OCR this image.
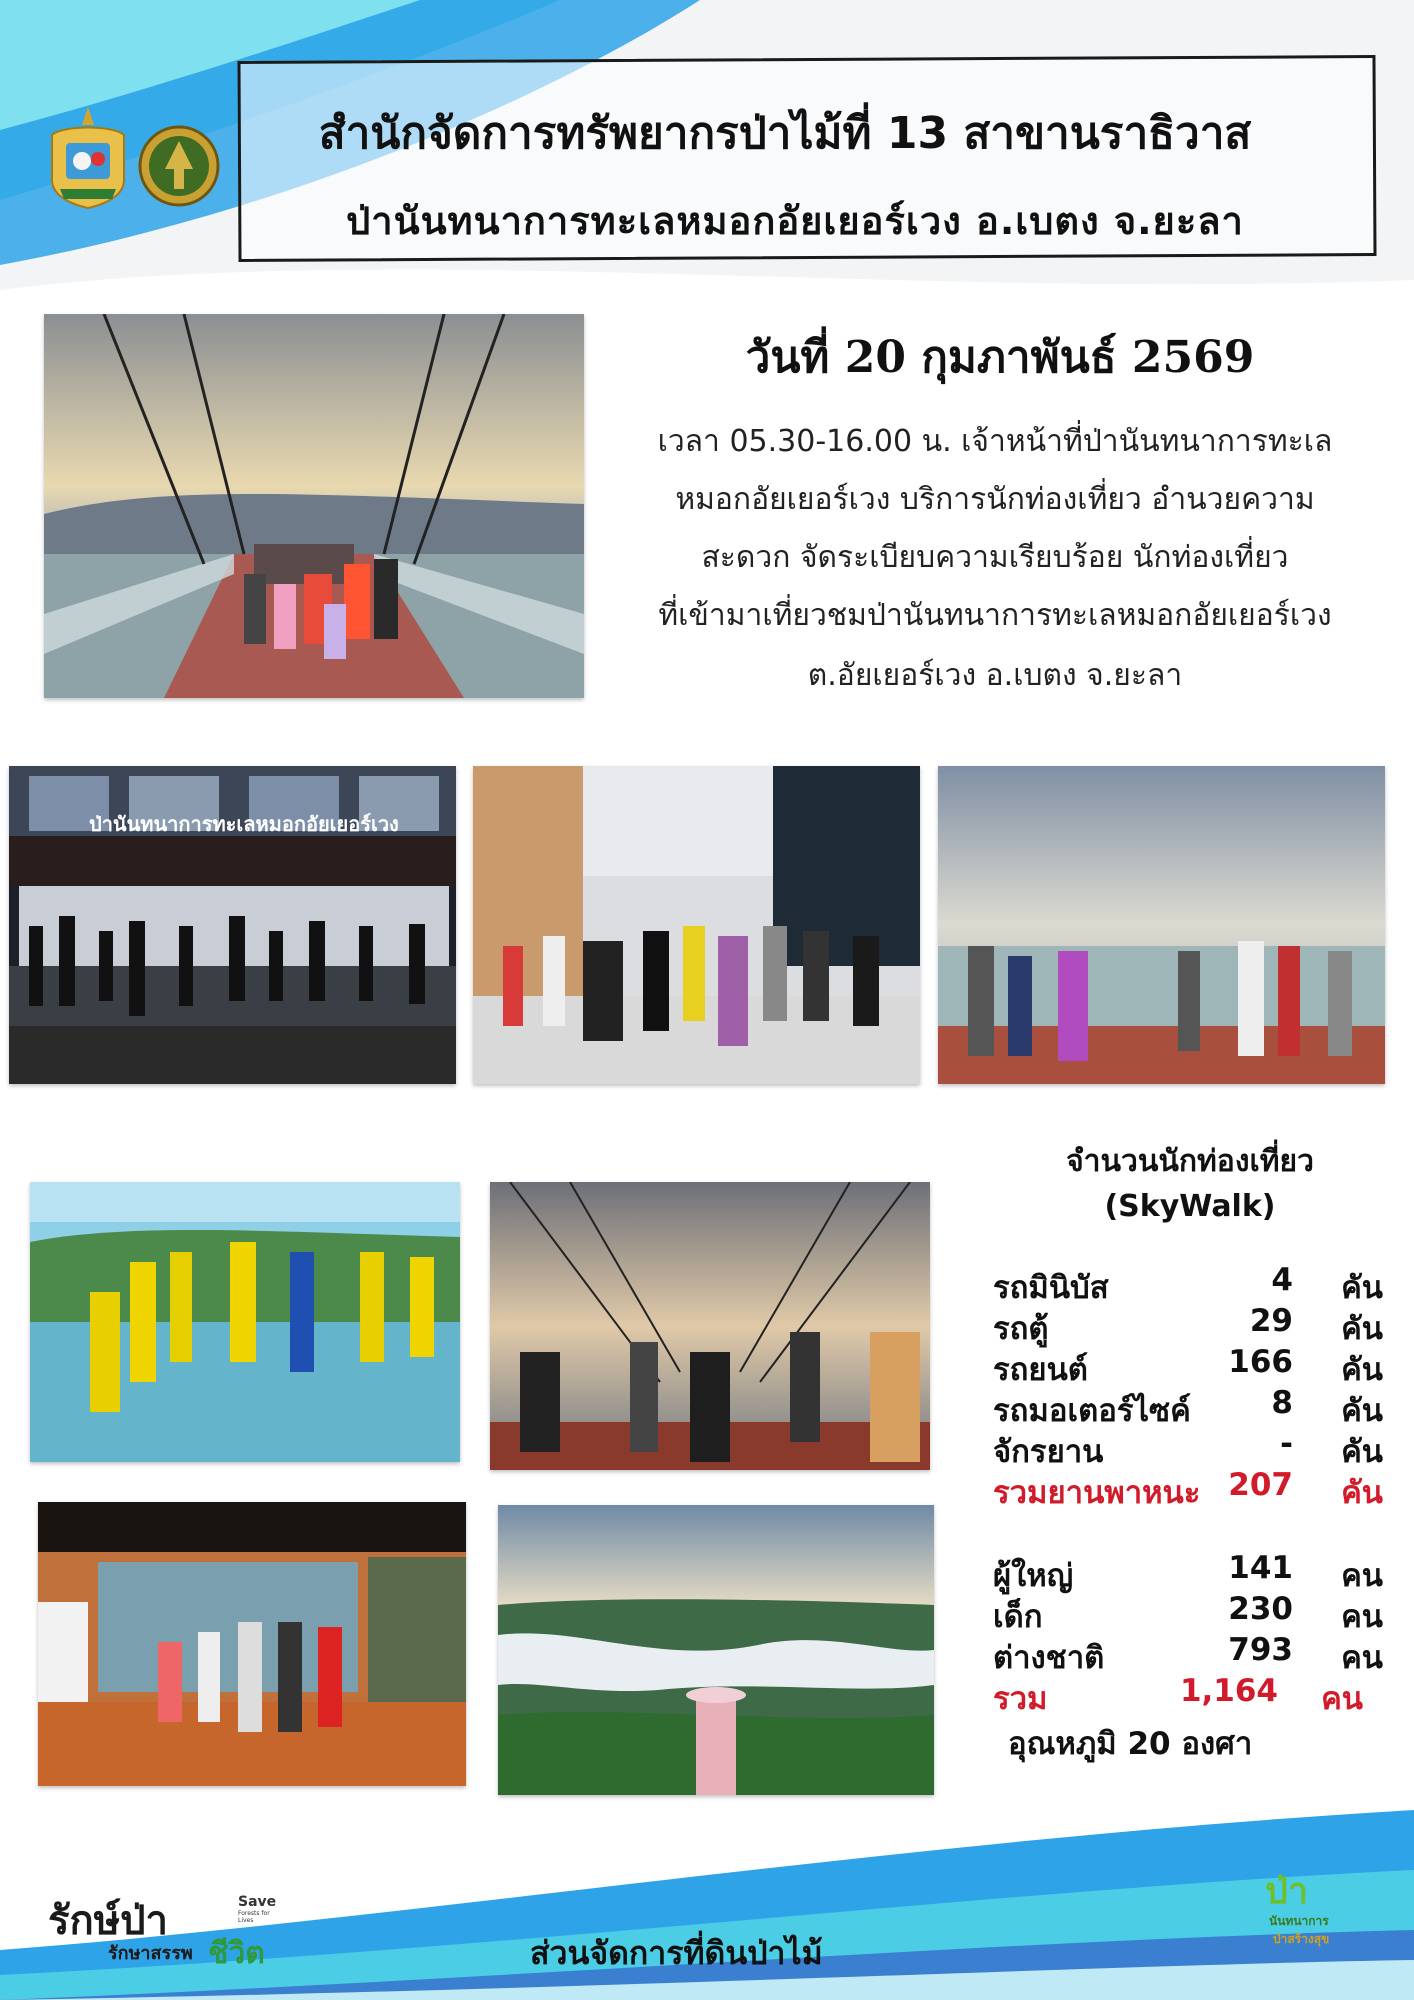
สำนักจัดการทรัพยากรป่าไม้ที่ 13 สาขานราธิวาส
ป่านันทนาการทะเลหมอกอัยเยอร์เวง อ.เบตง จ.ยะลา
วันที่ 20 กุมภาพันธ์ 2569
เวลา 05.30-16.00 น. เจ้าหน้าที่ป่านันทนาการทะเล
หมอกอัยเยอร์เวง บริการนักท่องเที่ยว อำนวยความ
สะดวก จัดระเบียบความเรียบร้อย นักท่องเที่ยว
ที่เข้ามาเที่ยวชมป่านันทนาการทะเลหมอกอัยเยอร์เวง
ต.อัยเยอร์เวง อ.เบตง จ.ยะลา
ป่านันทนาการทะเลหมอกอัยเยอร์เวง
จำนวนนักท่องเที่ยว
(SkyWalk)
รถมินิบัส	4 คัน
รถตู้	29 คัน
รถยนต์	166 คัน
รถมอเตอร์ไซค์	8 คัน
จักรยาน	- คัน
รวมยานพาหนะ 207 คัน
ผู้ใหญ่	141 คน
เด็ก	230 คน
ต่างชาติ	793 คน
รวม	1,164 คน
อุณหภูมิ 20 องศา
รักษ์ป่า	Save
Forests for Lives
รักษาสรรพ ชีวิต	ส่วนจัดการที่ดินป่าไม้
ป่า
นันทนาการ
ป่าสร้างสุข
